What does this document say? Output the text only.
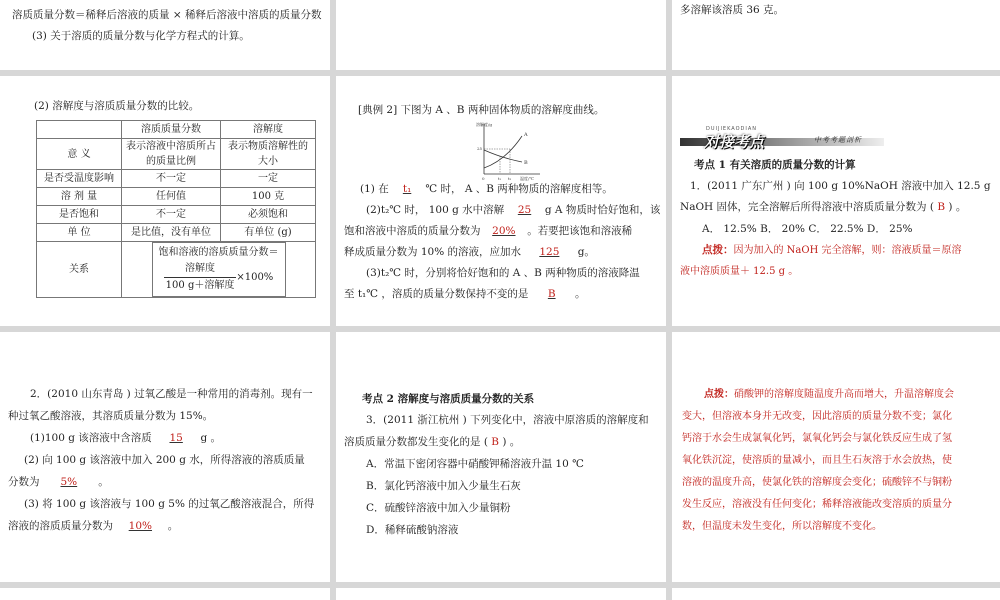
溶质质量分数＝稀释后溶液的质量 × 稀释后溶液中溶质的质量分数
(3) 关于溶质的质量分数与化学方程式的计算。
多溶解该溶质 36 克。
(2) 溶解度与溶质质量分数的比较。
	溶质质量分数	溶解度
意 义	表示溶液中溶质所占的质量比例	表示物质溶解性的大小
是否受温度影响	不一定	一定
溶 剂 量	任何值	100 克
是否饱和	不一定	必须饱和
单 位	是比值，没有单位	有单位 (g)
关系	饱和溶液的溶质质量分数＝
$\frac{\text{溶解度}}{\text{100 g＋溶解度}} \times 100\%$	
[典例 2] 下图为 A 、B 两种固体物质的溶解度曲线。
溶解度/g
25
A
B
0	t₁ t₂ 温度/℃
(1) 在 t₁ ℃ 时， A 、B 两种物质的溶解度相等。
(2)t₂℃ 时， 100 g 水中溶解 25 g A 物质时恰好饱和，该
饱和溶液中溶质的质量分数为 20% 。若要把该饱和溶液稀
释成质量分数为 10% 的溶液，应加水 125 g。
(3)t₂℃ 时，分别将恰好饱和的 A 、B 两种物质的溶液降温
至 t₁℃ ，溶质的质量分数保持不变的是 B 。
DUIJIEKAODIAN
对接考点	中考考题剖析
考点 1 有关溶质的质量分数的计算
1．(2011 广东广州 ) 向 100 g 10%NaOH 溶液中加入 12.5 g
NaOH 固体，完全溶解后所得溶液中溶质质量分数为 ( B ) 。
A． 12.5% B． 20% C． 22.5% D． 25%
点拨：因为加入的 NaOH 完全溶解，则：溶液质量＝原溶
液中溶质质量＋ 12.5 g 。
2．(2010 山东青岛 ) 过氧乙酸是一种常用的消毒剂。现有一
种过氧乙酸溶液，其溶质质量分数为 15%。
(1)100 g 该溶液中含溶质 15 g 。
(2) 向 100 g 该溶液中加入 200 g 水，所得溶液的溶质质量
分数为 5% 。
(3) 将 100 g 该溶液与 100 g 5% 的过氧乙酸溶液混合，所得
溶液的溶质质量分数为 10% 。
考点 2 溶解度与溶质质量分数的关系
3．(2011 浙江杭州 ) 下列变化中，溶液中原溶质的溶解度和
溶质质量分数都发生变化的是 ( B ) 。
A．常温下密闭容器中硝酸钾稀溶液升温 10 ℃
B．氯化钙溶液中加入少量生石灰
C．硫酸锌溶液中加入少量铜粉
D．稀释硫酸钠溶液
点拨：硝酸钾的溶解度随温度升高而增大，升温溶解度会
变大，但溶液本身并无改变，因此溶质的质量分数不变；氯化
钙溶于水会生成氯氧化钙，氯氧化钙会与氯化铁反应生成了氢
氧化铁沉淀，使溶质的量减小，而且生石灰溶于水会放热，使
溶液的温度升高，使氯化铁的溶解度会变化；硫酸锌不与铜粉
发生反应，溶液没有任何变化；稀释溶液能改变溶质的质量分
数，但温度未发生变化，所以溶解度不变化。
